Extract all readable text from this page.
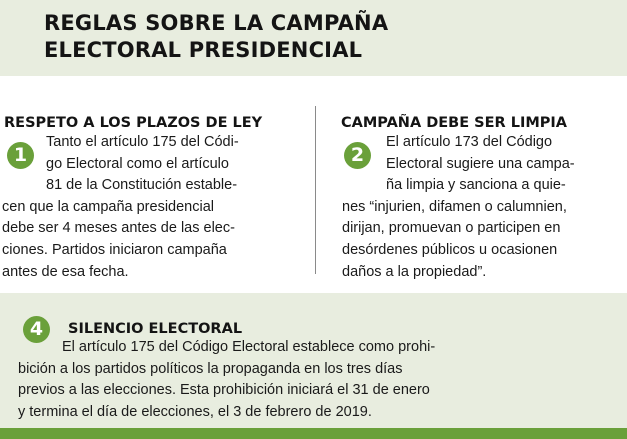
REGLAS SOBRE LA CAMPAÑA
ELECTORAL PRESIDENCIAL
RESPETO A LOS PLAZOS DE LEY
1

Tanto el artículo 175 del Códi-
go Electoral como el artículo
81 de la Constitución estable-
cen que la campaña presidencial
debe ser 4 meses antes de las elec-
ciones. Partidos iniciaron campaña
antes de esa fecha.

CAMPAÑA DEBE SER LIMPIA
2

El artículo 173 del Código
Electoral sugiere una campa-
ña limpia y sanciona a quie-
nes “injurien, difamen o calumnien,
dirijan, promuevan o participen en
desórdenes públicos u ocasionen
daños a la propiedad”.

4	SILENCIO ELECTORAL

El artículo 175 del Código Electoral establece como prohi-
bición a los partidos políticos la propaganda en los tres días
previos a las elecciones. Esta prohibición iniciará el 31 de enero
y termina el día de elecciones, el 3 de febrero de 2019.
